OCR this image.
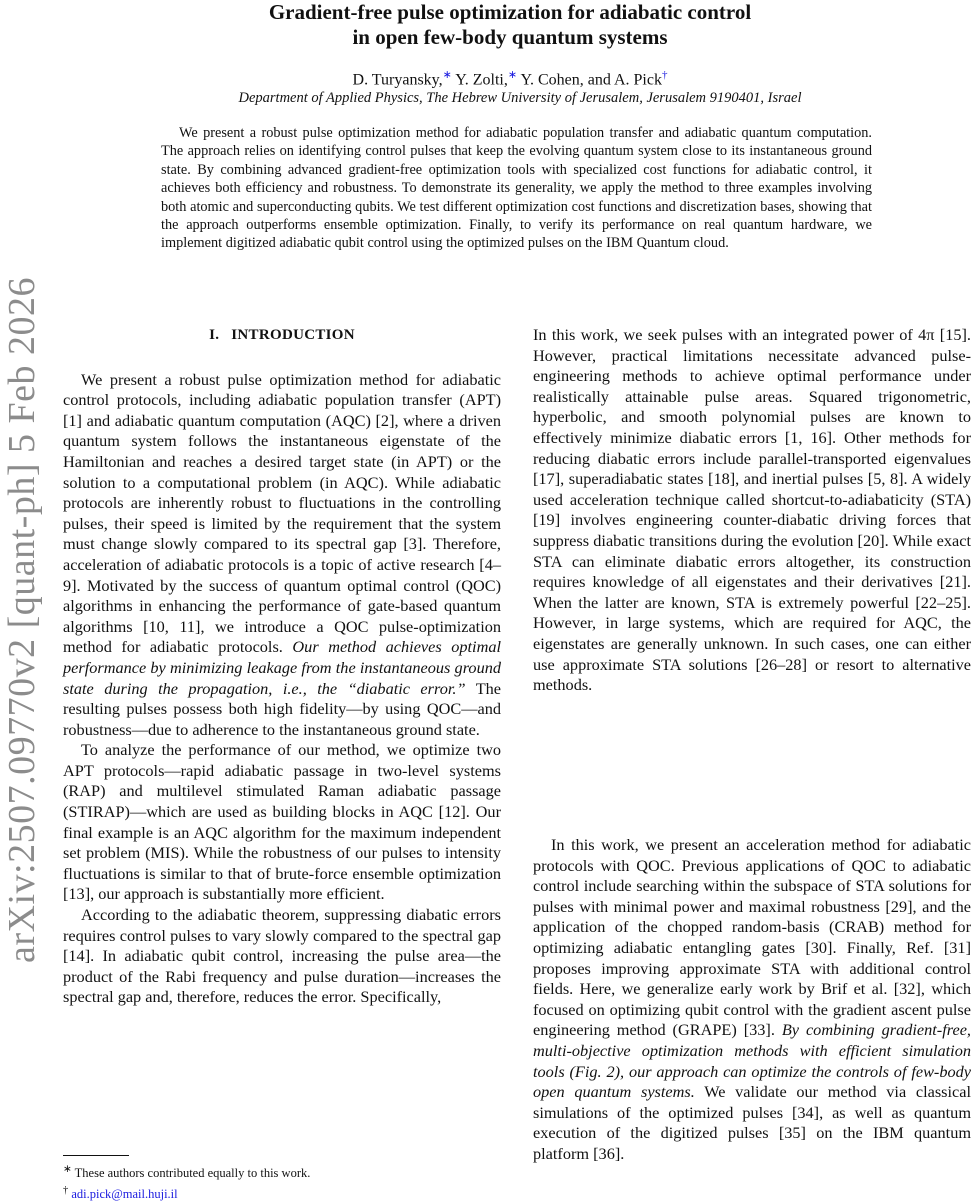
arXiv:2507.09770v2 [quant-ph] 5 Feb 2026
Gradient-free pulse optimization for adiabatic control
in open few-body quantum systems
D. Turyansky,∗ Y. Zolti,∗ Y. Cohen, and A. Pick†
Department of Applied Physics, The Hebrew University of Jerusalem, Jerusalem 9190401, Israel

We present a robust pulse optimization method for adiabatic population transfer and adiabatic quantum computation. The approach relies on identifying control pulses that keep the evolving quantum system close to its instantaneous ground state. By combining advanced gradient-free optimization tools with specialized cost functions for adiabatic control, it achieves both efficiency and robustness. To demonstrate its generality, we apply the method to three examples involving both atomic and superconducting qubits. We test different optimization cost functions and discretization bases, showing that the approach outperforms ensemble optimization. Finally, to verify its performance on real quantum hardware, we implement digitized adiabatic qubit control using the optimized pulses on the IBM Quantum cloud.

I. INTRODUCTION

We present a robust pulse optimization method for adiabatic control protocols, including adiabatic population transfer (APT) [1] and adiabatic quantum computation (AQC) [2], where a driven quantum system follows the instantaneous eigenstate of the Hamiltonian and reaches a desired target state (in APT) or the solution to a computational problem (in AQC). While adiabatic protocols are inherently robust to fluctuations in the controlling pulses, their speed is limited by the requirement that the system must change slowly compared to its spectral gap [3]. Therefore, acceleration of adiabatic protocols is a topic of active research [4–9]. Motivated by the success of quantum optimal control (QOC) algorithms in enhancing the performance of gate-based quantum algorithms [10, 11], we introduce a QOC pulse-optimization method for adiabatic protocols. Our method achieves optimal performance by minimizing leakage from the instantaneous ground state during the propagation, i.e., the “diabatic error.” The resulting pulses possess both high fidelity—by using QOC—and robustness—due to adherence to the instantaneous ground state.

To analyze the performance of our method, we optimize two APT protocols—rapid adiabatic passage in two-level systems (RAP) and multilevel stimulated Raman adiabatic passage (STIRAP)—which are used as building blocks in AQC [12]. Our final example is an AQC algorithm for the maximum independent set problem (MIS). While the robustness of our pulses to intensity fluctuations is similar to that of brute-force ensemble optimization [13], our approach is substantially more efficient.

According to the adiabatic theorem, suppressing diabatic errors requires control pulses to vary slowly compared to the spectral gap [14]. In adiabatic qubit control, increasing the pulse area—the product of the Rabi frequency and pulse duration—increases the spectral gap and, therefore, reduces the error. Specifically,

In this work, we seek pulses with an integrated power of 4π [15]. However, practical limitations necessitate advanced pulse-engineering methods to achieve optimal performance under realistically attainable pulse areas. Squared trigonometric, hyperbolic, and smooth polynomial pulses are known to effectively minimize diabatic errors [1, 16]. Other methods for reducing diabatic errors include parallel-transported eigenvalues [17], superadiabatic states [18], and inertial pulses [5, 8]. A widely used acceleration technique called shortcut-to-adiabaticity (STA) [19] involves engineering counter-diabatic driving forces that suppress diabatic transitions during the evolution [20]. While exact STA can eliminate diabatic errors altogether, its construction requires knowledge of all eigenstates and their derivatives [21]. When the latter are known, STA is extremely powerful [22–25]. However, in large systems, which are required for AQC, the eigenstates are generally unknown. In such cases, one can either use approximate STA solutions [26–28] or resort to alternative methods.

In this work, we present an acceleration method for adiabatic protocols with QOC. Previous applications of QOC to adiabatic control include searching within the subspace of STA solutions for pulses with minimal power and maximal robustness [29], and the application of the chopped random-basis (CRAB) method for optimizing adiabatic entangling gates [30]. Finally, Ref. [31] proposes improving approximate STA with additional control fields. Here, we generalize early work by Brif et al. [32], which focused on optimizing qubit control with the gradient ascent pulse engineering method (GRAPE) [33]. By combining gradient-free, multi-objective optimization methods with efficient simulation tools (Fig. 2), our approach can optimize the controls of few-body open quantum systems. We validate our method via classical simulations of the optimized pulses [34], as well as quantum execution of the digitized pulses [35] on the IBM quantum platform [36].

∗ These authors contributed equally to this work.

† adi.pick@mail.huji.il
